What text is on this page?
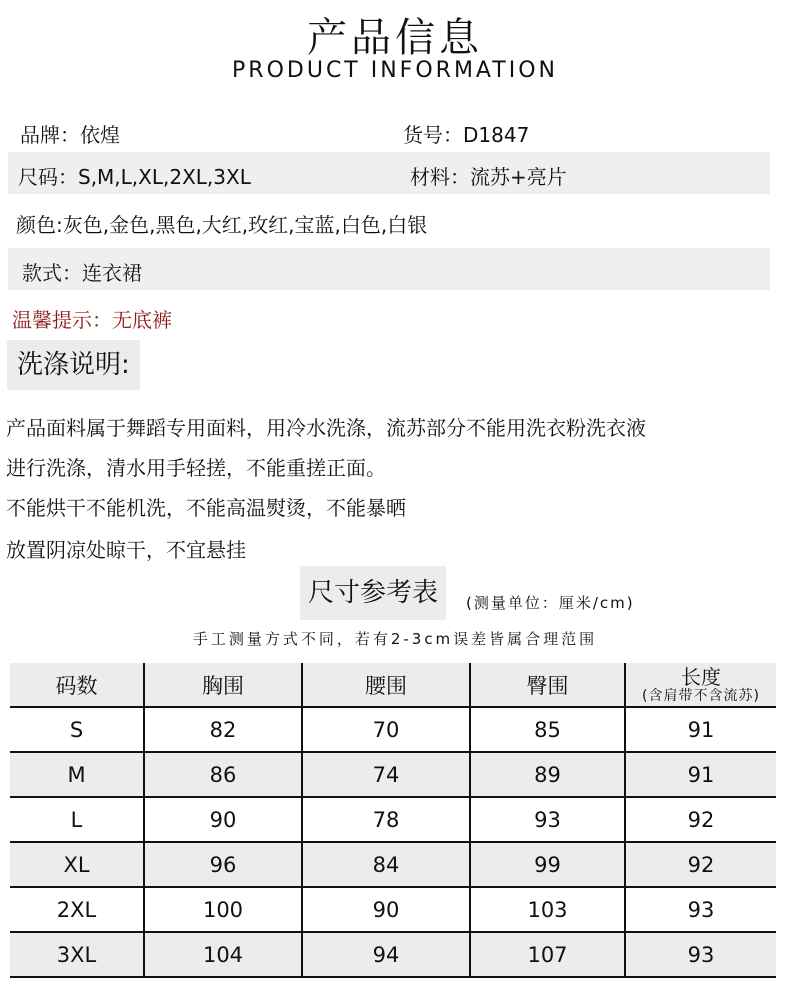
产品信息
PRODUCT INFORMATION
品牌：依煌	货号：D1847
尺码：S,M,L,XL,2XL,3XL	材料：流苏+亮片
颜色:灰色,金色,黑色,大红,玫红,宝蓝,白色,白银
款式：连衣裙
温馨提示：无底裤
洗涤说明:
产品面料属于舞蹈专用面料，用冷水洗涤，流苏部分不能用洗衣粉洗衣液
进行洗涤，清水用手轻搓，不能重搓正面。
不能烘干不能机洗，不能高温熨烫，不能暴晒
放置阴凉处晾干，不宜悬挂
尺寸参考表	(测量单位：厘米/cm)
手工测量方式不同，若有2-3cm误差皆属合理范围
码数	胸围	腰围	臀围	长度
(含肩带不含流苏)

S	82	70	85	91
M	86	74	89	91
L	90	78	93	92
XL	96	84	99	92
2XL	100	90	103	93
3XL	104	94	107	93
